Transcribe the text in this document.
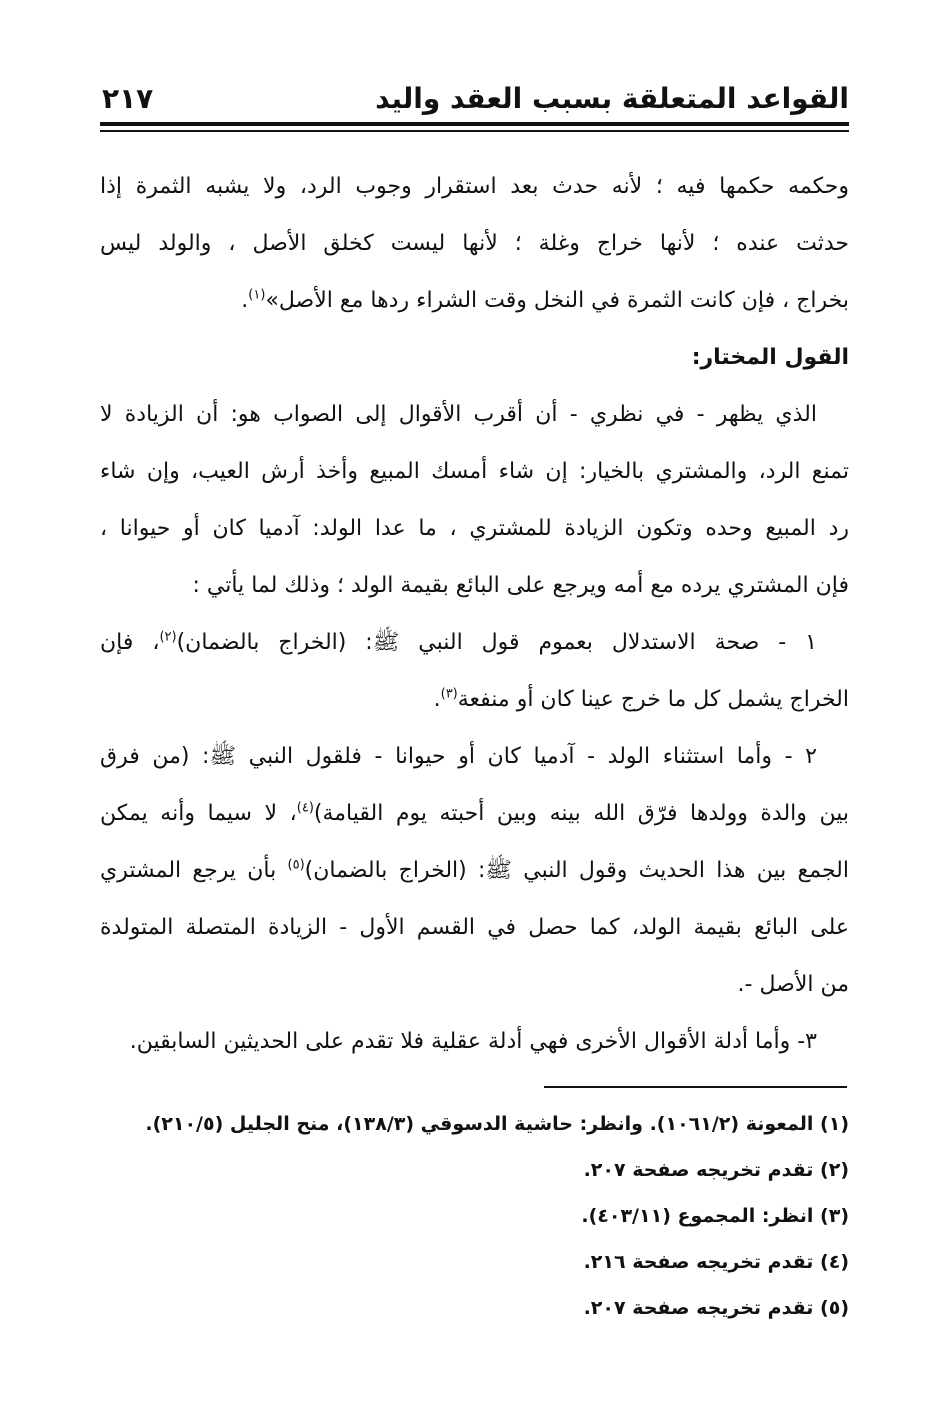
القواعد المتعلقة بسبب العقد واليد
٢١٧
وحكمه حكمها فيه ؛ لأنه حدث بعد استقرار وجوب الرد، ولا يشبه الثمرة إذا
حدثت عنده ؛ لأنها خراج وغلة ؛ لأنها ليست كخلق الأصل ، والولد ليس
بخراج ، فإن كانت الثمرة في النخل وقت الشراء ردها مع الأصل»$^{(١)}$.
القول المختار:
الذي يظهر - في نظري - أن أقرب الأقوال إلى الصواب هو: أن الزيادة لا
تمنع الرد، والمشتري بالخيار: إن شاء أمسك المبيع وأخذ أرش العيب، وإن شاء
رد المبيع وحده وتكون الزيادة للمشتري ، ما عدا الولد: آدميا كان أو حيوانا ،
فإن المشتري يرده مع أمه ويرجع على البائع بقيمة الولد ؛ وذلك لما يأتي :
١ - صحة الاستدلال بعموم قول النبي ﷺ: (الخراج بالضمان)$^{(٢)}$، فإن
الخراج يشمل كل ما خرج عينا كان أو منفعة$^{(٣)}$.
٢ - وأما استثناء الولد - آدميا كان أو حيوانا - فلقول النبي ﷺ: (من فرق
بين والدة وولدها فرّق الله بينه وبين أحبته يوم القيامة)$^{(٤)}$، لا سيما وأنه يمكن
الجمع بين هذا الحديث وقول النبي ﷺ: (الخراج بالضمان)$^{(٥)}$ بأن يرجع المشتري
على البائع بقيمة الولد، كما حصل في القسم الأول - الزيادة المتصلة المتولدة
من الأصل -.
٣- وأما أدلة الأقوال الأخرى فهي أدلة عقلية فلا تقدم على الحديثين السابقين.
(١) المعونة (١٠٦١/٢). وانظر: حاشية الدسوقي (١٣٨/٣)، منح الجليل (٢١٠/٥).
(٢) تقدم تخريجه صفحة ٢٠٧.
(٣) انظر: المجموع (٤٠٣/١١).
(٤) تقدم تخريجه صفحة ٢١٦.
(٥) تقدم تخريجه صفحة ٢٠٧.
